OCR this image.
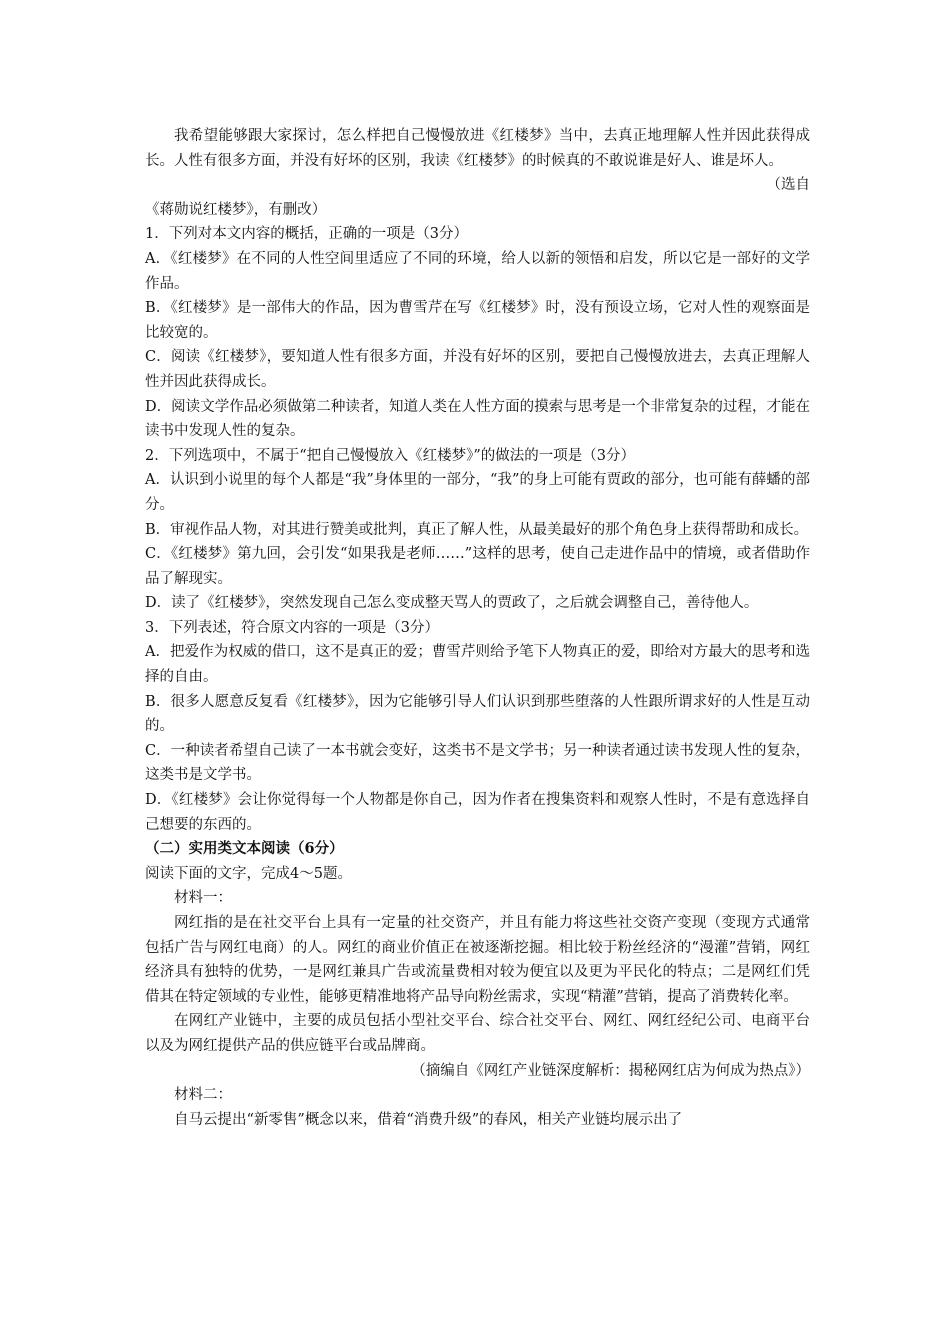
我希望能够跟大家探讨，怎么样把自己慢慢放进《红楼梦》当中，去真正地理解人性并因此获得成长。人性有很多方面，并没有好坏的区别，我读《红楼梦》的时候真的不敢说谁是好人、谁是坏人。

（选自

《蒋勋说红楼梦》，有删改）

1．下列对本文内容的概括，正确的一项是（3分）

A．《红楼梦》在不同的人性空间里适应了不同的环境，给人以新的领悟和启发，所以它是一部好的文学作品。

B．《红楼梦》是一部伟大的作品，因为曹雪芹在写《红楼梦》时，没有预设立场，它对人性的观察面是比较宽的。

C．阅读《红楼梦》，要知道人性有很多方面，并没有好坏的区别，要把自己慢慢放进去，去真正理解人性并因此获得成长。

D．阅读文学作品必须做第二种读者，知道人类在人性方面的摸索与思考是一个非常复杂的过程，才能在读书中发现人性的复杂。

2．下列选项中，不属于“把自己慢慢放入《红楼梦》”的做法的一项是（3分）

A．认识到小说里的每个人都是“我”身体里的一部分，“我”的身上可能有贾政的部分，也可能有薛蟠的部分。

B．审视作品人物，对其进行赞美或批判，真正了解人性，从最美最好的那个角色身上获得帮助和成长。

C．《红楼梦》第九回，会引发“如果我是老师……”这样的思考，使自己走进作品中的情境，或者借助作品了解现实。

D．读了《红楼梦》，突然发现自己怎么变成整天骂人的贾政了，之后就会调整自己，善待他人。

3．下列表述，符合原文内容的一项是（3分）

A．把爱作为权威的借口，这不是真正的爱；曹雪芹则给予笔下人物真正的爱，即给对方最大的思考和选择的自由。

B．很多人愿意反复看《红楼梦》，因为它能够引导人们认识到那些堕落的人性跟所谓求好的人性是互动的。

C．一种读者希望自己读了一本书就会变好，这类书不是文学书；另一种读者通过读书发现人性的复杂，这类书是文学书。

D．《红楼梦》会让你觉得每一个人物都是你自己，因为作者在搜集资料和观察人性时，不是有意选择自己想要的东西的。

（二）实用类文本阅读（6分）

阅读下面的文字，完成4～5题。

材料一：

网红指的是在社交平台上具有一定量的社交资产，并且有能力将这些社交资产变现（变现方式通常包括广告与网红电商）的人。网红的商业价值正在被逐渐挖掘。相比较于粉丝经济的“漫灌”营销，网红经济具有独特的优势，一是网红兼具广告或流量费相对较为便宜以及更为平民化的特点；二是网红们凭借其在特定领域的专业性，能够更精准地将产品导向粉丝需求，实现“精灌”营销，提高了消费转化率。

在网红产业链中，主要的成员包括小型社交平台、综合社交平台、网红、网红经纪公司、电商平台以及为网红提供产品的供应链平台或品牌商。

（摘编自《网红产业链深度解析：揭秘网红店为何成为热点》）

材料二：

自马云提出“新零售”概念以来，借着“消费升级”的春风，相关产业链均展示出了
